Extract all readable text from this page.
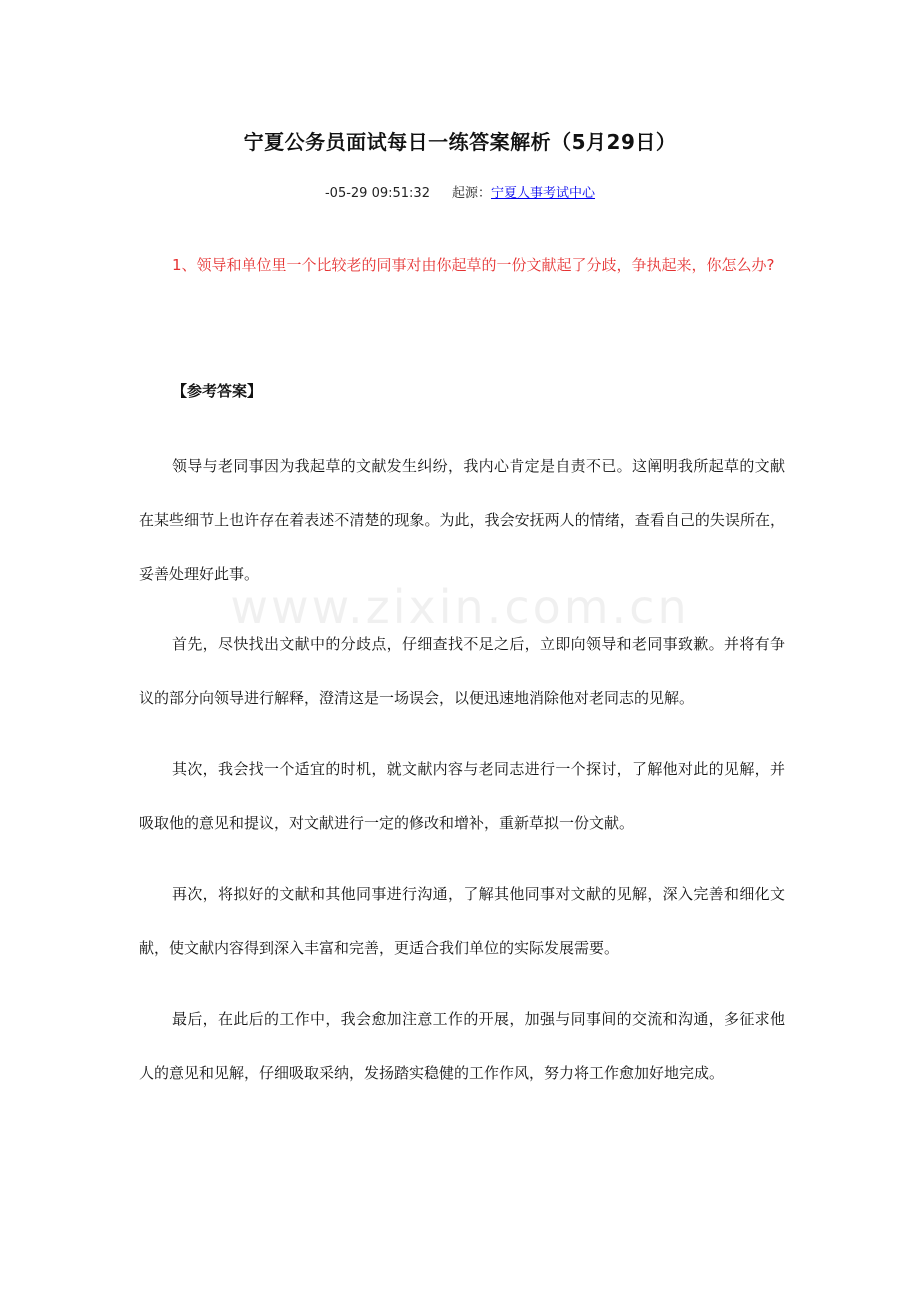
www.zixin.com.cn
宁夏公务员面试每日一练答案解析（5月29日）
-05-29 09:51:32 起源：宁夏人事考试中心
1、领导和单位里一个比较老的同事对由你起草的一份文献起了分歧，争执起来，你怎么办?
【参考答案】
领导与老同事因为我起草的文献发生纠纷，我内心肯定是自责不已。这阐明我所起草的文献在某些细节上也许存在着表述不清楚的现象。为此，我会安抚两人的情绪，查看自己的失误所在，妥善处理好此事。
首先，尽快找出文献中的分歧点，仔细查找不足之后，立即向领导和老同事致歉。并将有争议的部分向领导进行解释，澄清这是一场误会，以便迅速地消除他对老同志的见解。
其次，我会找一个适宜的时机，就文献内容与老同志进行一个探讨，了解他对此的见解，并吸取他的意见和提议，对文献进行一定的修改和增补，重新草拟一份文献。
再次，将拟好的文献和其他同事进行沟通，了解其他同事对文献的见解，深入完善和细化文献，使文献内容得到深入丰富和完善，更适合我们单位的实际发展需要。
最后，在此后的工作中，我会愈加注意工作的开展，加强与同事间的交流和沟通，多征求他人的意见和见解，仔细吸取采纳，发扬踏实稳健的工作作风，努力将工作愈加好地完成。
